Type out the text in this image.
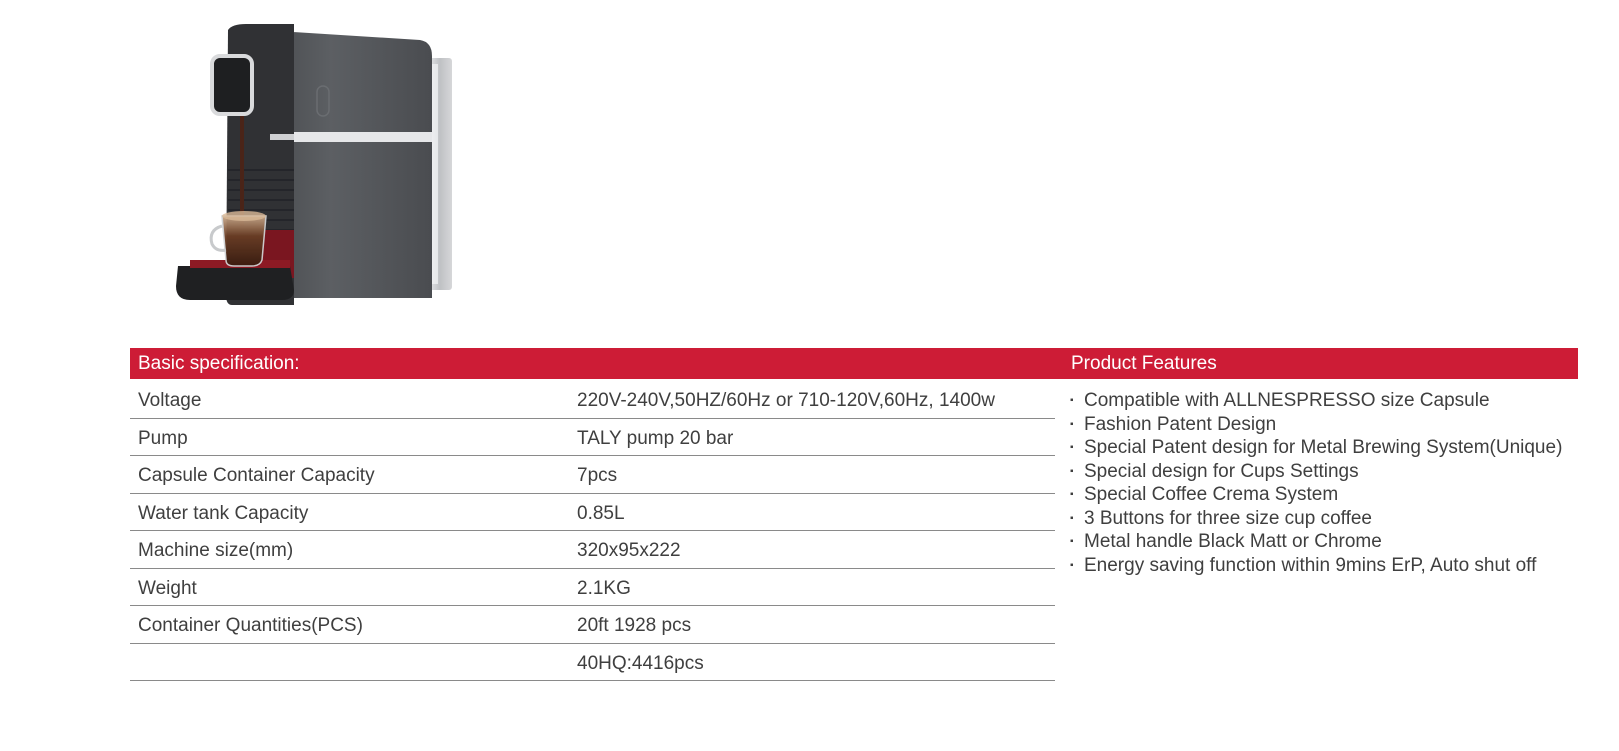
Basic specification:	Product Features
Voltage	220V-240V,50HZ/60Hz or 710-120V,60Hz, 1400w
Pump	TALY pump 20 bar
Capsule Container Capacity	7pcs
Water tank Capacity	0.85L
Machine size(mm)	320x95x222
Weight	2.1KG
Container Quantities(PCS)	20ft 1928 pcs
40HQ:4416pcs
▪ Compatible with ALLNESPRESSO size Capsule
▪ Fashion Patent Design
▪ Special Patent design for Metal Brewing System(Unique)
▪ Special design for Cups Settings
▪ Special Coffee Crema System
▪ 3 Buttons for three size cup coffee
▪ Metal handle Black Matt or Chrome
▪ Energy saving function within 9mins ErP, Auto shut off
